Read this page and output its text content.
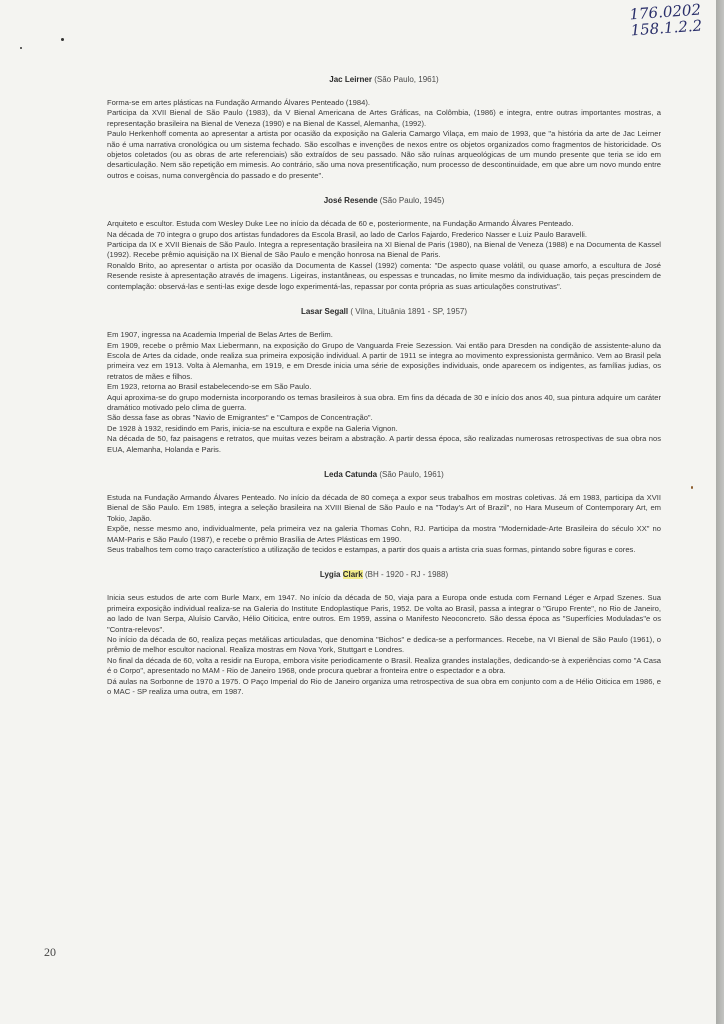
176.0202
158.1.2.2
Jac Leirner (São Paulo, 1961)

Forma-se em artes plásticas na Fundação Armando Álvares Penteado (1984).

Participa da XVII Bienal de São Paulo (1983), da V Bienal Americana de Artes Gráficas, na Colômbia, (1986) e integra, entre outras importantes mostras, a representação brasileira na Bienal de Veneza (1990) e na Bienal de Kassel, Alemanha, (1992).

Paulo Herkenhoff comenta ao apresentar a artista por ocasião da exposição na Galeria Camargo Vilaça, em maio de 1993, que "a história da arte de Jac Leirner não é uma narrativa cronológica ou um sistema fechado. São escolhas e invenções de nexos entre os objetos organizados como fragmentos de historicidade. Os objetos coletados (ou as obras de arte referenciais) são extraídos de seu passado. Não são ruínas arqueológicas de um mundo presente que teria se ido em desarticulação. Nem são repetição em mimesis. Ao contrário, são uma nova presentificação, num processo de descontinuidade, em que abre um novo mundo entre outros e coisas, numa convergência do passado e do presente".

José Resende (São Paulo, 1945)

Arquiteto e escultor. Estuda com Wesley Duke Lee no início da década de 60 e, posteriormente, na Fundação Armando Álvares Penteado.

Na década de 70 integra o grupo dos artistas fundadores da Escola Brasil, ao lado de Carlos Fajardo, Frederico Nasser e Luiz Paulo Baravelli.

Participa da IX e XVII Bienais de São Paulo. Integra a representação brasileira na XI Bienal de Paris (1980), na Bienal de Veneza (1988) e na Documenta de Kassel (1992). Recebe prêmio aquisição na IX Bienal de São Paulo e menção honrosa na Bienal de Paris.

Ronaldo Brito, ao apresentar o artista por ocasião da Documenta de Kassel (1992) comenta: "De aspecto quase volátil, ou quase amorfo, a escultura de José Resende resiste à apresentação através de imagens. Ligeiras, instantâneas, ou espessas e truncadas, no limite mesmo da individuação, tais peças prescindem de contemplação: observá-las e senti-las exige desde logo experimentá-las, repassar por conta própria as suas articulações construtivas".

Lasar Segall ( Vilna, Lituânia 1891 - SP, 1957)

Em 1907, ingressa na Academia Imperial de Belas Artes de Berlim.

Em 1909, recebe o prêmio Max Liebermann, na exposição do Grupo de Vanguarda Freie Sezession. Vai então para Dresden na condição de assistente-aluno da Escola de Artes da cidade, onde realiza sua primeira exposição individual. A partir de 1911 se integra ao movimento expressionista germânico. Vem ao Brasil pela primeira vez em 1913. Volta à Alemanha, em 1919, e em Dresde inicia uma série de exposições individuais, onde aparecem os indigentes, as famílias judias, os retratos de mães e filhos.

Em 1923, retorna ao Brasil estabelecendo-se em São Paulo.

Aqui aproxima-se do grupo modernista incorporando os temas brasileiros à sua obra. Em fins da década de 30 e início dos anos 40, sua pintura adquire um caráter dramático motivado pelo clima de guerra.

São dessa fase as obras "Navio de Emigrantes" e "Campos de Concentração".

De 1928 à 1932, residindo em Paris, inicia-se na escultura e expõe na Galeria Vignon.

Na década de 50, faz paisagens e retratos, que muitas vezes beiram a abstração. A partir dessa época, são realizadas numerosas retrospectivas de sua obra nos EUA, Alemanha, Holanda e Paris.

Leda Catunda (São Paulo, 1961)

Estuda na Fundação Armando Álvares Penteado. No início da década de 80 começa a expor seus trabalhos em mostras coletivas. Já em 1983, participa da XVII Bienal de São Paulo. Em 1985, integra a seleção brasileira na XVIII Bienal de São Paulo e na "Today's Art of Brazil", no Hara Museum of Contemporary Art, em Tokio, Japão.

Expõe, nesse mesmo ano, individualmente, pela primeira vez na galeria Thomas Cohn, RJ. Participa da mostra "Modernidade-Arte Brasileira do século XX" no MAM-Paris e São Paulo (1987), e recebe o prêmio Brasília de Artes Plásticas em 1990.

Seus trabalhos tem como traço característico a utilização de tecidos e estampas, a partir dos quais a artista cria suas formas, pintando sobre figuras e cores.

Lygia Clark (BH - 1920 - RJ - 1988)

Inicia seus estudos de arte com Burle Marx, em 1947. No início da década de 50, viaja para a Europa onde estuda com Fernand Léger e Arpad Szenes. Sua primeira exposição individual realiza-se na Galeria do Institute Endoplastique Paris, 1952. De volta ao Brasil, passa a integrar o "Grupo Frente", no Rio de Janeiro, ao lado de Ivan Serpa, Aluísio Carvão, Hélio Oiticica, entre outros. Em 1959, assina o Manifesto Neoconcreto. São dessa época as "Superfícies Moduladas"e os "Contra-relevos".

No início da década de 60, realiza peças metálicas articuladas, que denomina "Bichos" e dedica-se a performances. Recebe, na VI Bienal de São Paulo (1961), o prêmio de melhor escultor nacional. Realiza mostras em Nova York, Stuttgart e Londres.

No final da década de 60, volta a residir na Europa, embora visite periodicamente o Brasil. Realiza grandes instalações, dedicando-se à experiências como "A Casa é o Corpo", apresentado no MAM - Rio de Janeiro 1968, onde procura quebrar a fronteira entre o espectador e a obra.

Dá aulas na Sorbonne de 1970 a 1975. O Paço Imperial do Rio de Janeiro organiza uma retrospectiva de sua obra em conjunto com a de Hélio Oiticica em 1986, e o MAC - SP realiza uma outra, em 1987.

20
